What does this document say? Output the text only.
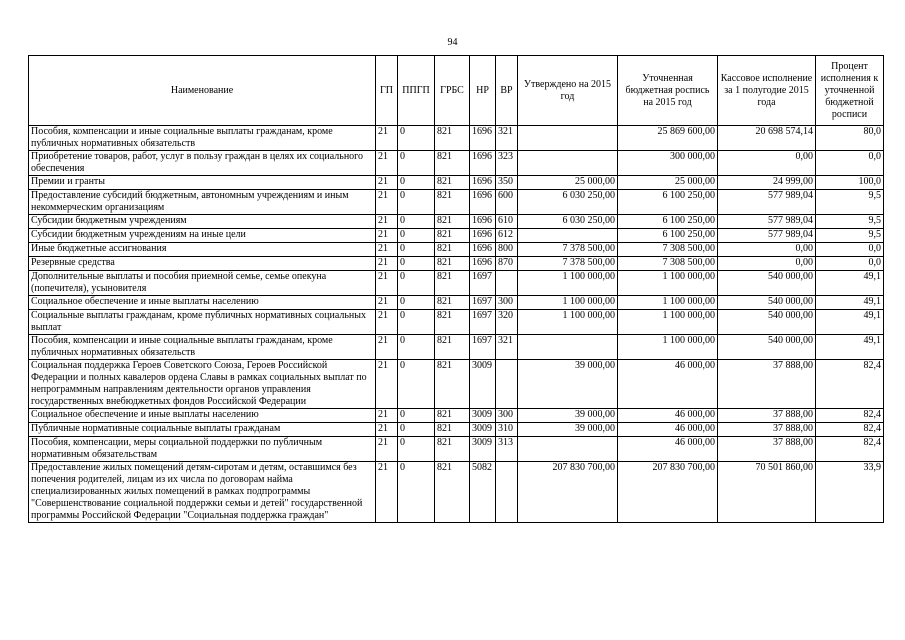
94
Наименование	ГП	ППГП	ГРБС	НР	ВР	Утверждено на 2015 год	Уточненная бюджетная роспись на 2015 год	Кассовое исполнение за 1 полугодие 2015 года	Процент исполнения к уточненной бюджетной росписи
Пособия, компенсации и иные социальные выплаты гражданам, кроме публичных нормативных обязательств	21	0	821	1696	321		25 869 600,00	20 698 574,14	80,0
Приобретение товаров, работ, услуг в пользу граждан в целях их социального обеспечения	21	0	821	1696	323		300 000,00	0,00	0,0
Премии и гранты	21	0	821	1696	350	25 000,00	25 000,00	24 999,00	100,0
Предоставление субсидий бюджетным, автономным учреждениям и иным некоммерческим организациям	21	0	821	1696	600	6 030 250,00	6 100 250,00	577 989,04	9,5
Субсидии бюджетным учреждениям	21	0	821	1696	610	6 030 250,00	6 100 250,00	577 989,04	9,5
Субсидии бюджетным учреждениям на иные цели	21	0	821	1696	612		6 100 250,00	577 989,04	9,5
Иные бюджетные ассигнования	21	0	821	1696	800	7 378 500,00	7 308 500,00	0,00	0,0
Резервные средства	21	0	821	1696	870	7 378 500,00	7 308 500,00	0,00	0,0
Дополнительные выплаты и пособия приемной семье, семье опекуна (попечителя), усыновителя	21	0	821	1697		1 100 000,00	1 100 000,00	540 000,00	49,1
Социальное обеспечение и иные выплаты населению	21	0	821	1697	300	1 100 000,00	1 100 000,00	540 000,00	49,1
Социальные выплаты гражданам, кроме публичных нормативных социальных выплат	21	0	821	1697	320	1 100 000,00	1 100 000,00	540 000,00	49,1
Пособия, компенсации и иные социальные выплаты гражданам, кроме публичных нормативных обязательств	21	0	821	1697	321		1 100 000,00	540 000,00	49,1
Социальная поддержка Героев Советского Союза, Героев Российской Федерации и полных кавалеров ордена Славы в рамках социальных выплат по непрограммным направлениям деятельности органов управления государственных внебюджетных фондов Российской Федерации	21	0	821	3009		39 000,00	46 000,00	37 888,00	82,4
Социальное обеспечение и иные выплаты населению	21	0	821	3009	300	39 000,00	46 000,00	37 888,00	82,4
Публичные нормативные социальные выплаты гражданам	21	0	821	3009	310	39 000,00	46 000,00	37 888,00	82,4
Пособия, компенсации, меры социальной поддержки по публичным нормативным обязательствам	21	0	821	3009	313		46 000,00	37 888,00	82,4
Предоставление жилых помещений детям-сиротам и детям, оставшимся без попечения родителей, лицам из их числа по договорам найма специализированных жилых помещений в рамках подпрограммы "Совершенствование социальной поддержки семьи и детей" государственной программы Российской Федерации "Социальная поддержка граждан"	21	0	821	5082		207 830 700,00	207 830 700,00	70 501 860,00	33,9
